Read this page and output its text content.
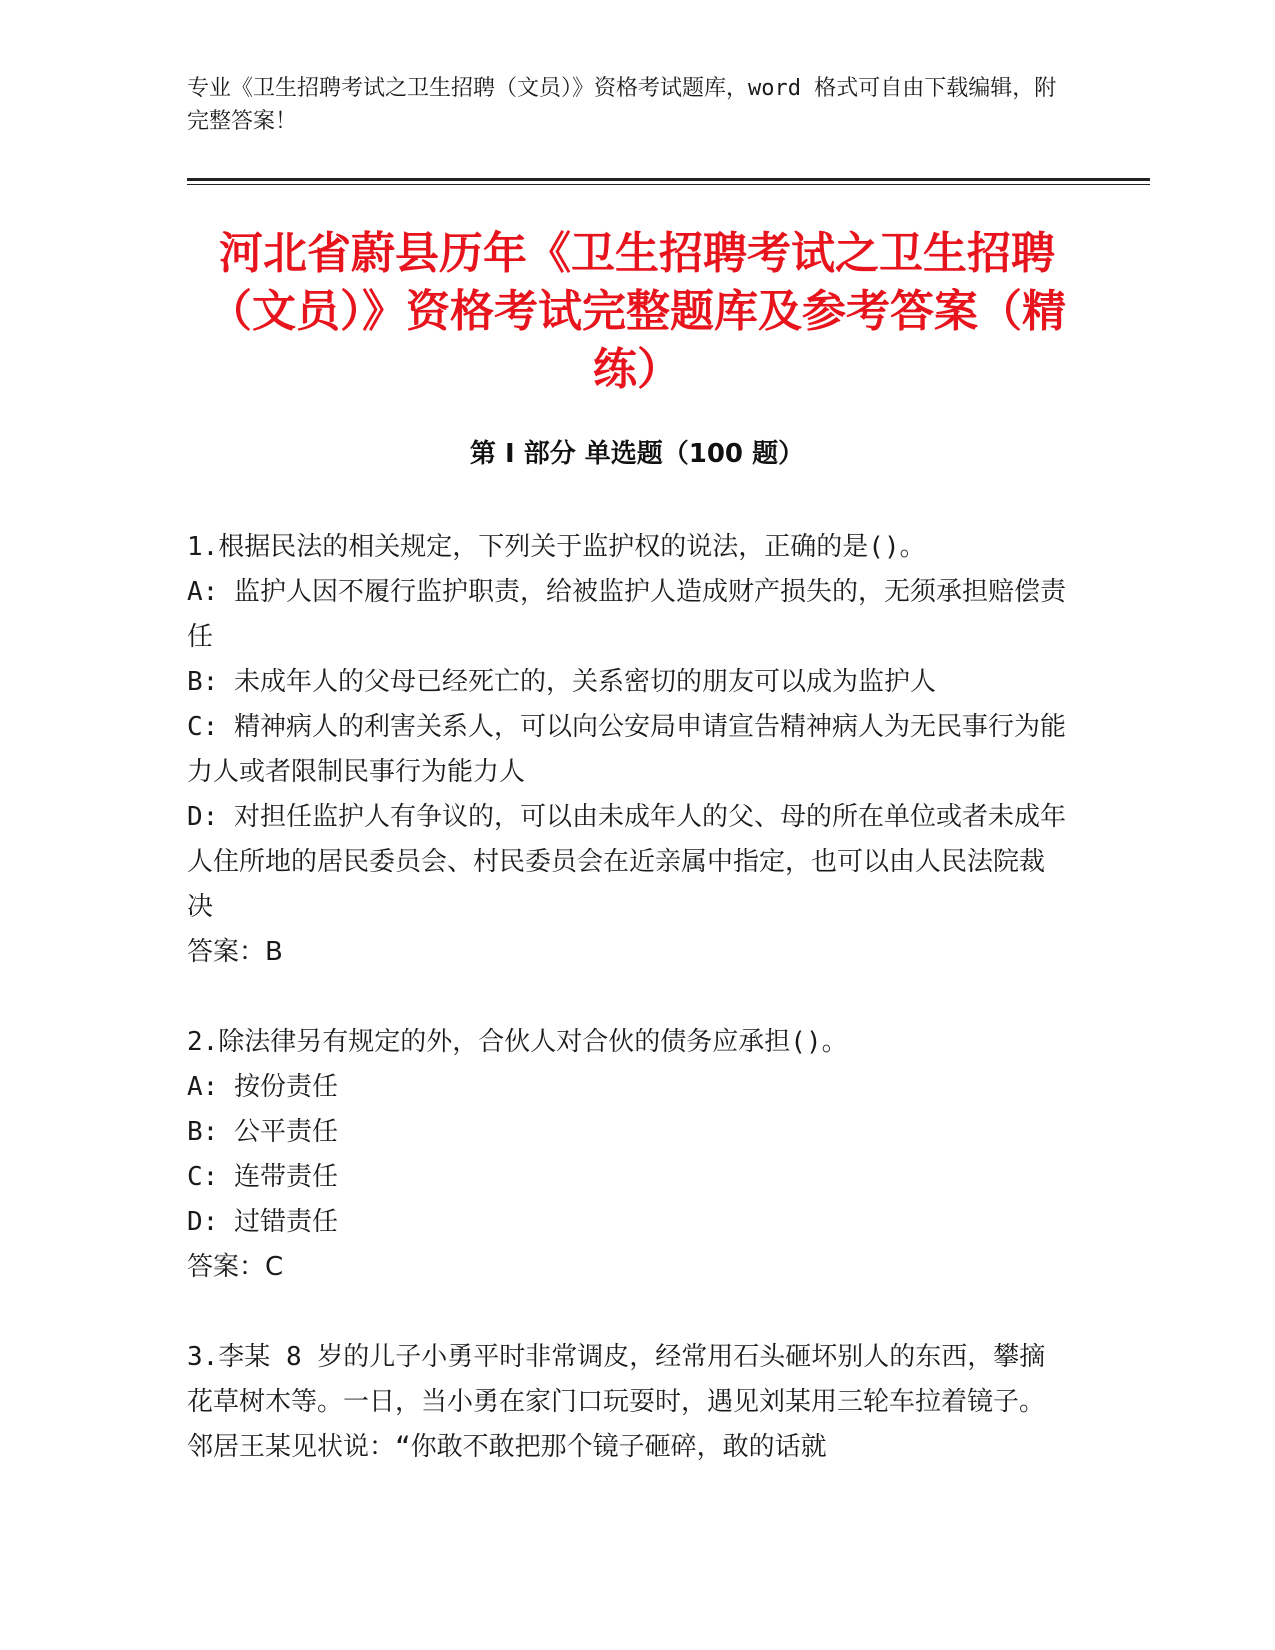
专业《卫生招聘考试之卫生招聘（文员）》资格考试题库，word 格式可自由下载编辑，附完整答案！
河北省蔚县历年《卫生招聘考试之卫生招聘（文员）》资格考试完整题库及参考答案（精练）
第 I 部分 单选题（100 题）

1.根据民法的相关规定，下列关于监护权的说法，正确的是()。

A: 监护人因不履行监护职责，给被监护人造成财产损失的，无须承担赔偿责任

B: 未成年人的父母已经死亡的，关系密切的朋友可以成为监护人

C: 精神病人的利害关系人，可以向公安局申请宣告精神病人为无民事行为能力人或者限制民事行为能力人

D: 对担任监护人有争议的，可以由未成年人的父、母的所在单位或者未成年人住所地的居民委员会、村民委员会在近亲属中指定，也可以由人民法院裁决

答案：B

2.除法律另有规定的外，合伙人对合伙的债务应承担()。

A: 按份责任

B: 公平责任

C: 连带责任

D: 过错责任

答案：C

3.李某 8 岁的儿子小勇平时非常调皮，经常用石头砸坏别人的东西，攀摘花草树木等。一日，当小勇在家门口玩耍时，遇见刘某用三轮车拉着镜子。邻居王某见状说：“你敢不敢把那个镜子砸碎，敢的话就
